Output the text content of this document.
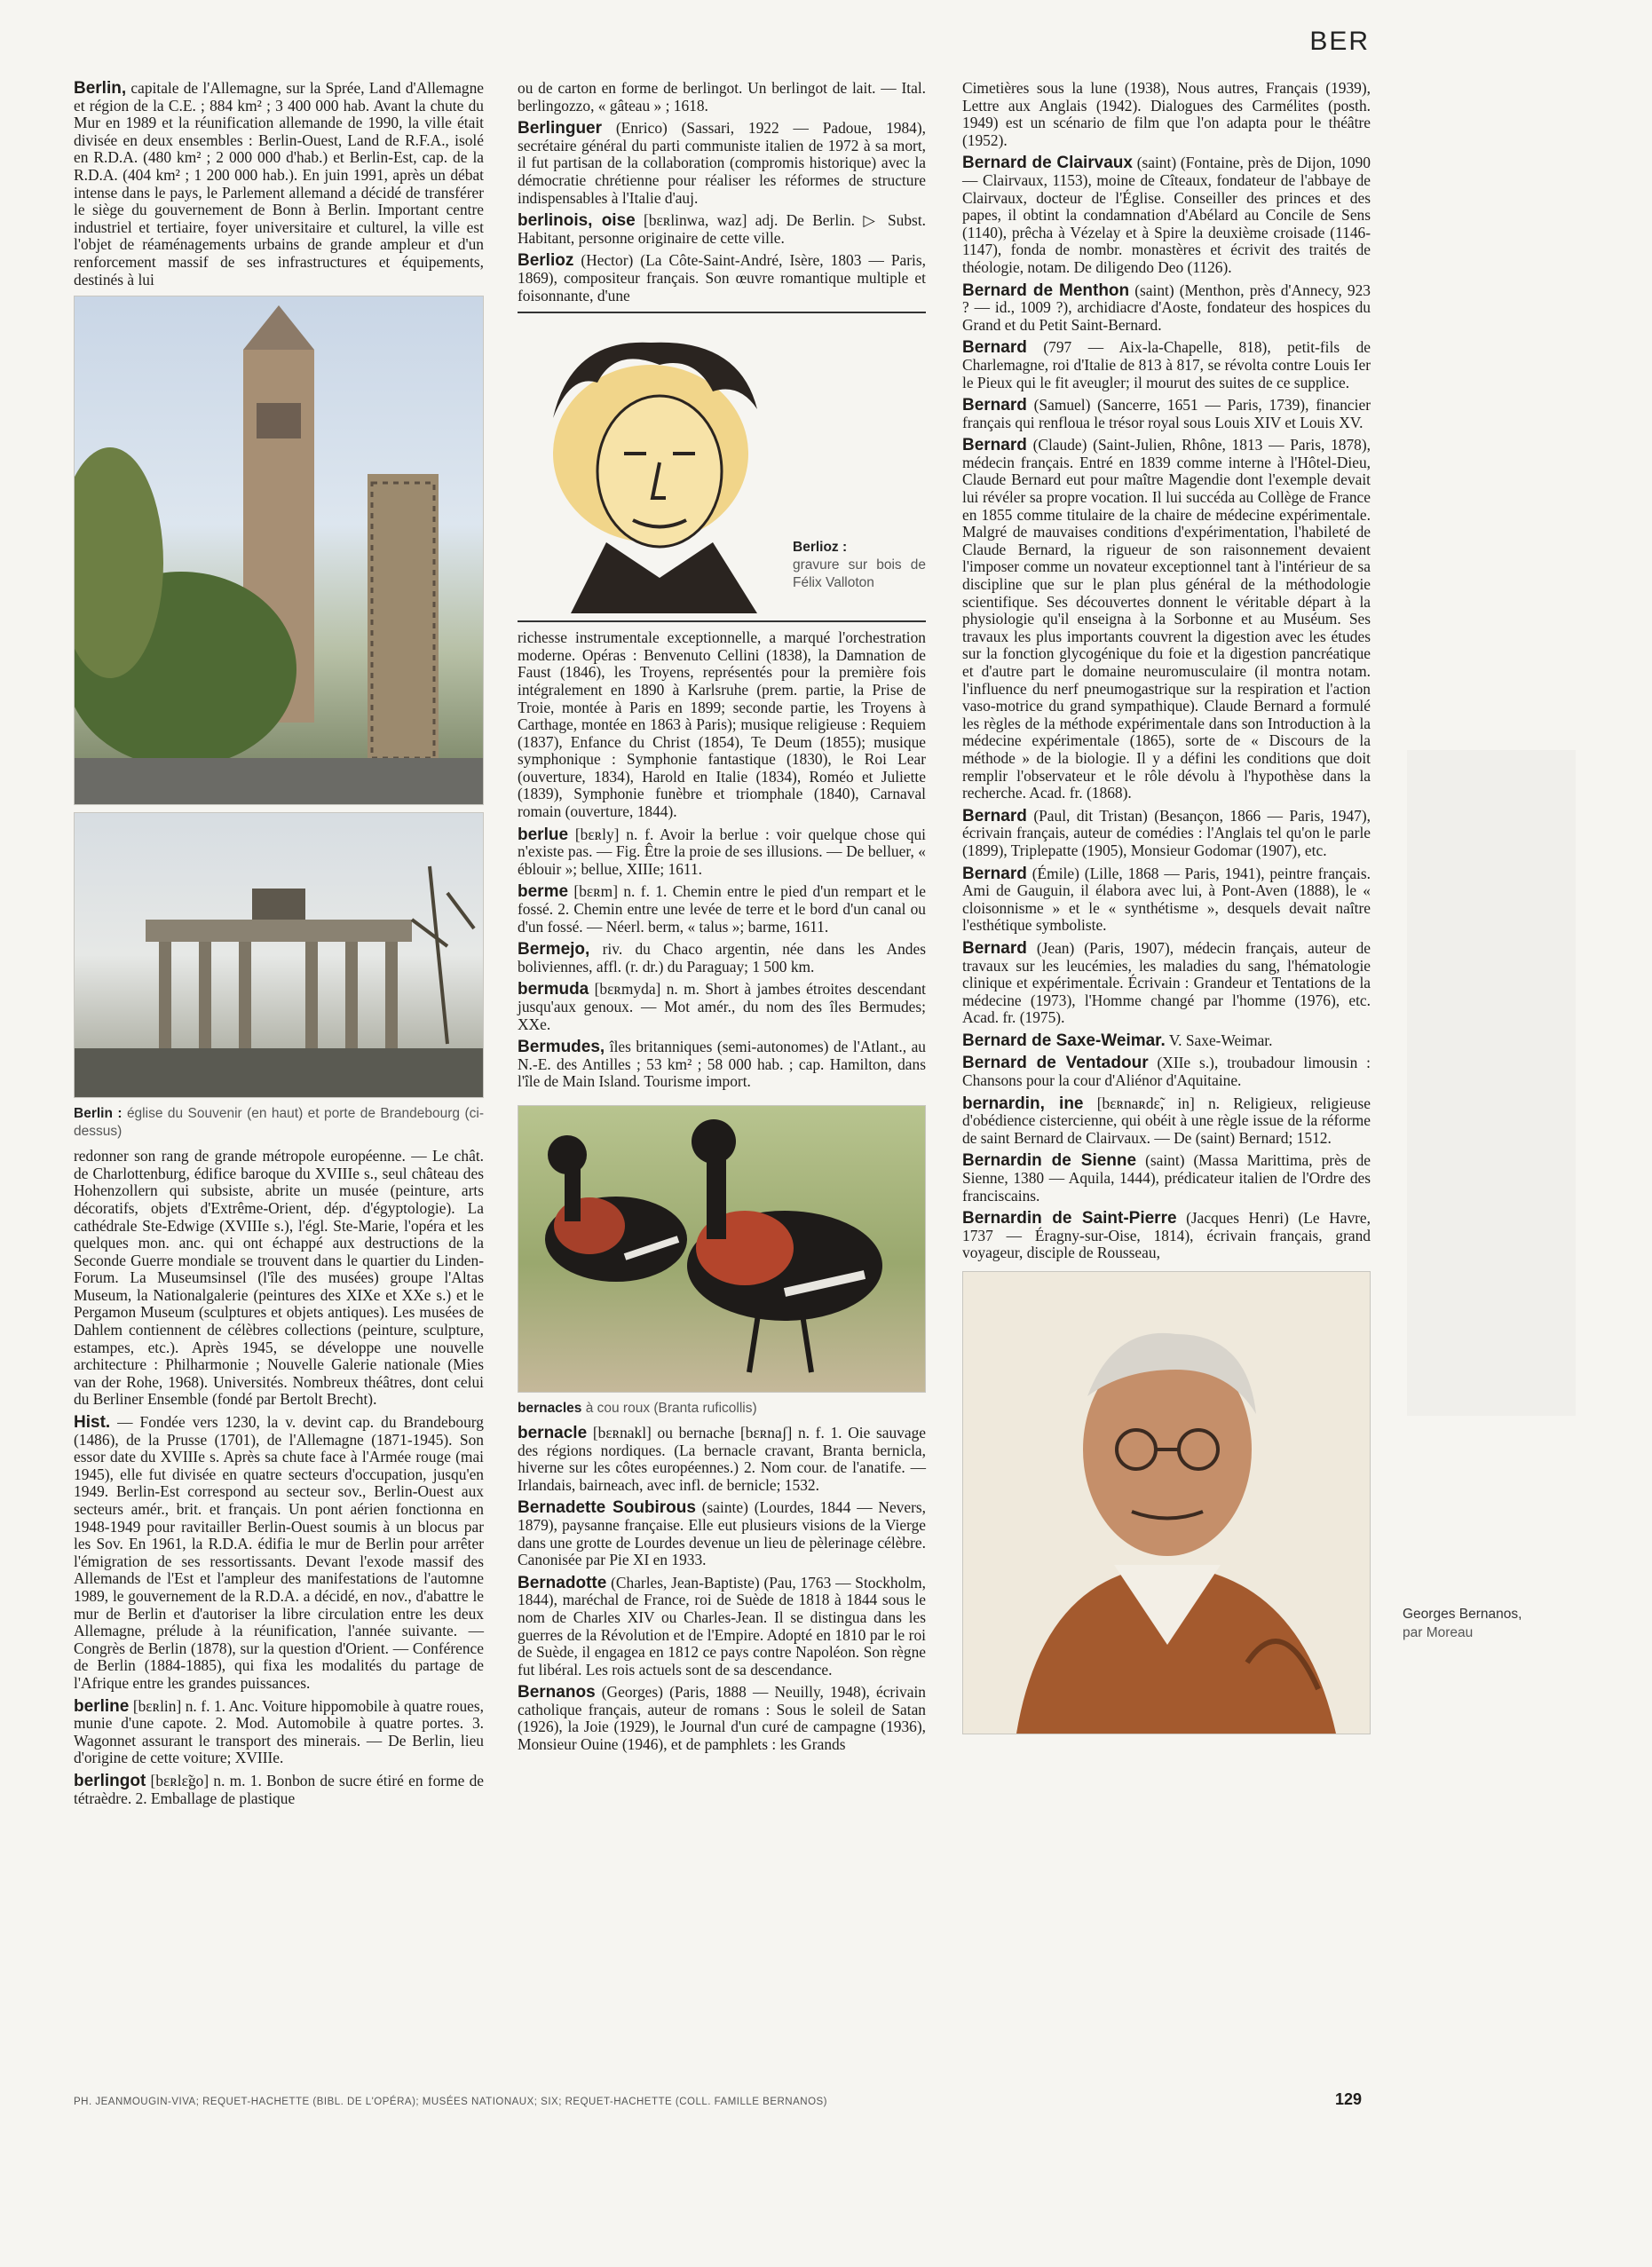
BER

Berlin, capitale de l'Allemagne, sur la Sprée, Land d'Allemagne et région de la C.E. ; 884 km² ; 3 400 000 hab. Avant la chute du Mur en 1989 et la réunification allemande de 1990, la ville était divisée en deux ensembles : Berlin-Ouest, Land de R.F.A., isolé en R.D.A. (480 km² ; 2 000 000 d'hab.) et Berlin-Est, cap. de la R.D.A. (404 km² ; 1 200 000 hab.). En juin 1991, après un débat intense dans le pays, le Parlement allemand a décidé de transférer le siège du gouvernement de Bonn à Berlin. Important centre industriel et tertiaire, foyer universitaire et culturel, la ville est l'objet de réaménagements urbains de grande ampleur et d'un renforcement massif de ses infrastructures et équipements, destinés à lui

Berlin : église du Souvenir (en haut) et porte de Brandebourg (ci-dessus)

redonner son rang de grande métropole européenne. — Le chât. de Charlottenburg, édifice baroque du XVIIIe s., seul château des Hohenzollern qui subsiste, abrite un musée (peinture, arts décoratifs, objets d'Extrême-Orient, dép. d'égyptologie). La cathédrale Ste-Edwige (XVIIIe s.), l'égl. Ste-Marie, l'opéra et les quelques mon. anc. qui ont échappé aux destructions de la Seconde Guerre mondiale se trouvent dans le quartier du Linden-Forum. La Museumsinsel (l'île des musées) groupe l'Altas Museum, la Nationalgalerie (peintures des XIXe et XXe s.) et le Pergamon Museum (sculptures et objets antiques). Les musées de Dahlem contiennent de célèbres collections (peinture, sculpture, estampes, etc.). Après 1945, se développe une nouvelle architecture : Philharmonie ; Nouvelle Galerie nationale (Mies van der Rohe, 1968). Universités. Nombreux théâtres, dont celui du Berliner Ensemble (fondé par Bertolt Brecht).

Hist. — Fondée vers 1230, la v. devint cap. du Brandebourg (1486), de la Prusse (1701), de l'Allemagne (1871-1945). Son essor date du XVIIIe s. Après sa chute face à l'Armée rouge (mai 1945), elle fut divisée en quatre secteurs d'occupation, jusqu'en 1949. Berlin-Est correspond au secteur sov., Berlin-Ouest aux secteurs amér., brit. et français. Un pont aérien fonctionna en 1948-1949 pour ravitailler Berlin-Ouest soumis à un blocus par les Sov. En 1961, la R.D.A. édifia le mur de Berlin pour arrêter l'émigration de ses ressortissants. Devant l'exode massif des Allemands de l'Est et l'ampleur des manifestations de l'automne 1989, le gouvernement de la R.D.A. a décidé, en nov., d'abattre le mur de Berlin et d'autoriser la libre circulation entre les deux Allemagne, prélude à la réunification, l'année suivante. — Congrès de Berlin (1878), sur la question d'Orient. — Conférence de Berlin (1884-1885), qui fixa les modalités du partage de l'Afrique entre les grandes puissances.

berline [bɛʀlin] n. f. 1. Anc. Voiture hippomobile à quatre roues, munie d'une capote. 2. Mod. Automobile à quatre portes. 3. Wagonnet assurant le transport des minerais. — De Berlin, lieu d'origine de cette voiture; XVIIIe.

berlingot [bɛʀlɛ̃go] n. m. 1. Bonbon de sucre étiré en forme de tétraèdre. 2. Emballage de plastique

ou de carton en forme de berlingot. Un berlingot de lait. — Ital. berlingozzo, « gâteau » ; 1618.

Berlinguer (Enrico) (Sassari, 1922 — Padoue, 1984), secrétaire général du parti communiste italien de 1972 à sa mort, il fut partisan de la collaboration (compromis historique) avec la démocratie chrétienne pour réaliser les réformes de structure indispensables à l'Italie d'auj.

berlinois, oise [bɛʀlinwa, waz] adj. De Berlin. ▷ Subst. Habitant, personne originaire de cette ville.

Berlioz (Hector) (La Côte-Saint-André, Isère, 1803 — Paris, 1869), compositeur français. Son œuvre romantique multiple et foisonnante, d'une

Berlioz :
gravure sur bois de Félix Valloton

richesse instrumentale exceptionnelle, a marqué l'orchestration moderne. Opéras : Benvenuto Cellini (1838), la Damnation de Faust (1846), les Troyens, représentés pour la première fois intégralement en 1890 à Karlsruhe (prem. partie, la Prise de Troie, montée à Paris en 1899; seconde partie, les Troyens à Carthage, montée en 1863 à Paris); musique religieuse : Requiem (1837), Enfance du Christ (1854), Te Deum (1855); musique symphonique : Symphonie fantastique (1830), le Roi Lear (ouverture, 1834), Harold en Italie (1834), Roméo et Juliette (1839), Symphonie funèbre et triomphale (1840), Carnaval romain (ouverture, 1844).

berlue [bɛʀly] n. f. Avoir la berlue : voir quelque chose qui n'existe pas. — Fig. Être la proie de ses illusions. — De belluer, « éblouir »; bellue, XIIIe; 1611.

berme [bɛʀm] n. f. 1. Chemin entre le pied d'un rempart et le fossé. 2. Chemin entre une levée de terre et le bord d'un canal ou d'un fossé. — Néerl. berm, « talus »; barme, 1611.

Bermejo, riv. du Chaco argentin, née dans les Andes boliviennes, affl. (r. dr.) du Paraguay; 1 500 km.

bermuda [bɛʀmyda] n. m. Short à jambes étroites descendant jusqu'aux genoux. — Mot amér., du nom des îles Bermudes; XXe.

Bermudes, îles britanniques (semi-autonomes) de l'Atlant., au N.-E. des Antilles ; 53 km² ; 58 000 hab. ; cap. Hamilton, dans l'île de Main Island. Tourisme import.

bernacles à cou roux (Branta ruficollis)

bernacle [bɛʀnakl] ou bernache [bɛʀnaʃ] n. f. 1. Oie sauvage des régions nordiques. (La bernacle cravant, Branta bernicla, hiverne sur les côtes européennes.) 2. Nom cour. de l'anatife. — Irlandais, bairneach, avec infl. de bernicle; 1532.

Bernadette Soubirous (sainte) (Lourdes, 1844 — Nevers, 1879), paysanne française. Elle eut plusieurs visions de la Vierge dans une grotte de Lourdes devenue un lieu de pèlerinage célèbre. Canonisée par Pie XI en 1933.

Bernadotte (Charles, Jean-Baptiste) (Pau, 1763 — Stockholm, 1844), maréchal de France, roi de Suède de 1818 à 1844 sous le nom de Charles XIV ou Charles-Jean. Il se distingua dans les guerres de la Révolution et de l'Empire. Adopté en 1810 par le roi de Suède, il engagea en 1812 ce pays contre Napoléon. Son règne fut libéral. Les rois actuels sont de sa descendance.

Bernanos (Georges) (Paris, 1888 — Neuilly, 1948), écrivain catholique français, auteur de romans : Sous le soleil de Satan (1926), la Joie (1929), le Journal d'un curé de campagne (1936), Monsieur Ouine (1946), et de pamphlets : les Grands

Cimetières sous la lune (1938), Nous autres, Français (1939), Lettre aux Anglais (1942). Dialogues des Carmélites (posth. 1949) est un scénario de film que l'on adapta pour le théâtre (1952).

Bernard de Clairvaux (saint) (Fontaine, près de Dijon, 1090 — Clairvaux, 1153), moine de Cîteaux, fondateur de l'abbaye de Clairvaux, docteur de l'Église. Conseiller des princes et des papes, il obtint la condamnation d'Abélard au Concile de Sens (1140), prêcha à Vézelay et à Spire la deuxième croisade (1146-1147), fonda de nombr. monastères et écrivit des traités de théologie, notam. De diligendo Deo (1126).

Bernard de Menthon (saint) (Menthon, près d'Annecy, 923 ? — id., 1009 ?), archidiacre d'Aoste, fondateur des hospices du Grand et du Petit Saint-Bernard.

Bernard (797 — Aix-la-Chapelle, 818), petit-fils de Charlemagne, roi d'Italie de 813 à 817, se révolta contre Louis Ier le Pieux qui le fit aveugler; il mourut des suites de ce supplice.

Bernard (Samuel) (Sancerre, 1651 — Paris, 1739), financier français qui renfloua le trésor royal sous Louis XIV et Louis XV.

Bernard (Claude) (Saint-Julien, Rhône, 1813 — Paris, 1878), médecin français. Entré en 1839 comme interne à l'Hôtel-Dieu, Claude Bernard eut pour maître Magendie dont l'exemple devait lui révéler sa propre vocation. Il lui succéda au Collège de France en 1855 comme titulaire de la chaire de médecine expérimentale. Malgré de mauvaises conditions d'expérimentation, l'habileté de Claude Bernard, la rigueur de son raisonnement devaient l'imposer comme un novateur exceptionnel tant à l'intérieur de sa discipline que sur le plan plus général de la méthodologie scientifique. Ses découvertes donnent le véritable départ à la physiologie qu'il enseigna à la Sorbonne et au Muséum. Ses travaux les plus importants couvrent la digestion avec les études sur la fonction glycogénique du foie et la digestion pancréatique et d'autre part le domaine neuromusculaire (il montra notam. l'influence du nerf pneumogastrique sur la respiration et l'action vaso-motrice du grand sympathique). Claude Bernard a formulé les règles de la méthode expérimentale dans son Introduction à la médecine expérimentale (1865), sorte de « Discours de la méthode » de la biologie. Il y a défini les conditions que doit remplir l'observateur et le rôle dévolu à l'hypothèse dans la recherche. Acad. fr. (1868).

Bernard (Paul, dit Tristan) (Besançon, 1866 — Paris, 1947), écrivain français, auteur de comédies : l'Anglais tel qu'on le parle (1899), Triplepatte (1905), Monsieur Godomar (1907), etc.

Bernard (Émile) (Lille, 1868 — Paris, 1941), peintre français. Ami de Gauguin, il élabora avec lui, à Pont-Aven (1888), le « cloisonnisme » et le « synthétisme », desquels devait naître l'esthétique symboliste.

Bernard (Jean) (Paris, 1907), médecin français, auteur de travaux sur les leucémies, les maladies du sang, l'hématologie clinique et expérimentale. Écrivain : Grandeur et Tentations de la médecine (1973), l'Homme changé par l'homme (1976), etc. Acad. fr. (1975).

Bernard de Saxe-Weimar. V. Saxe-Weimar.

Bernard de Ventadour (XIIe s.), troubadour limousin : Chansons pour la cour d'Aliénor d'Aquitaine.

bernardin, ine [bɛʀnaʀdɛ̃, in] n. Religieux, religieuse d'obédience cistercienne, qui obéit à une règle issue de la réforme de saint Bernard de Clairvaux. — De (saint) Bernard; 1512.

Bernardin de Sienne (saint) (Massa Marittima, près de Sienne, 1380 — Aquila, 1444), prédicateur italien de l'Ordre des franciscains.

Bernardin de Saint-Pierre (Jacques Henri) (Le Havre, 1737 — Éragny-sur-Oise, 1814), écrivain français, grand voyageur, disciple de Rousseau,

Georges Bernanos,
par Moreau
PH. JEANMOUGIN-VIVA; REQUET-HACHETTE (BIBL. DE L'OPÉRA); MUSÉES NATIONAUX; SIX; REQUET-HACHETTE (COLL. FAMILLE BERNANOS)	129
